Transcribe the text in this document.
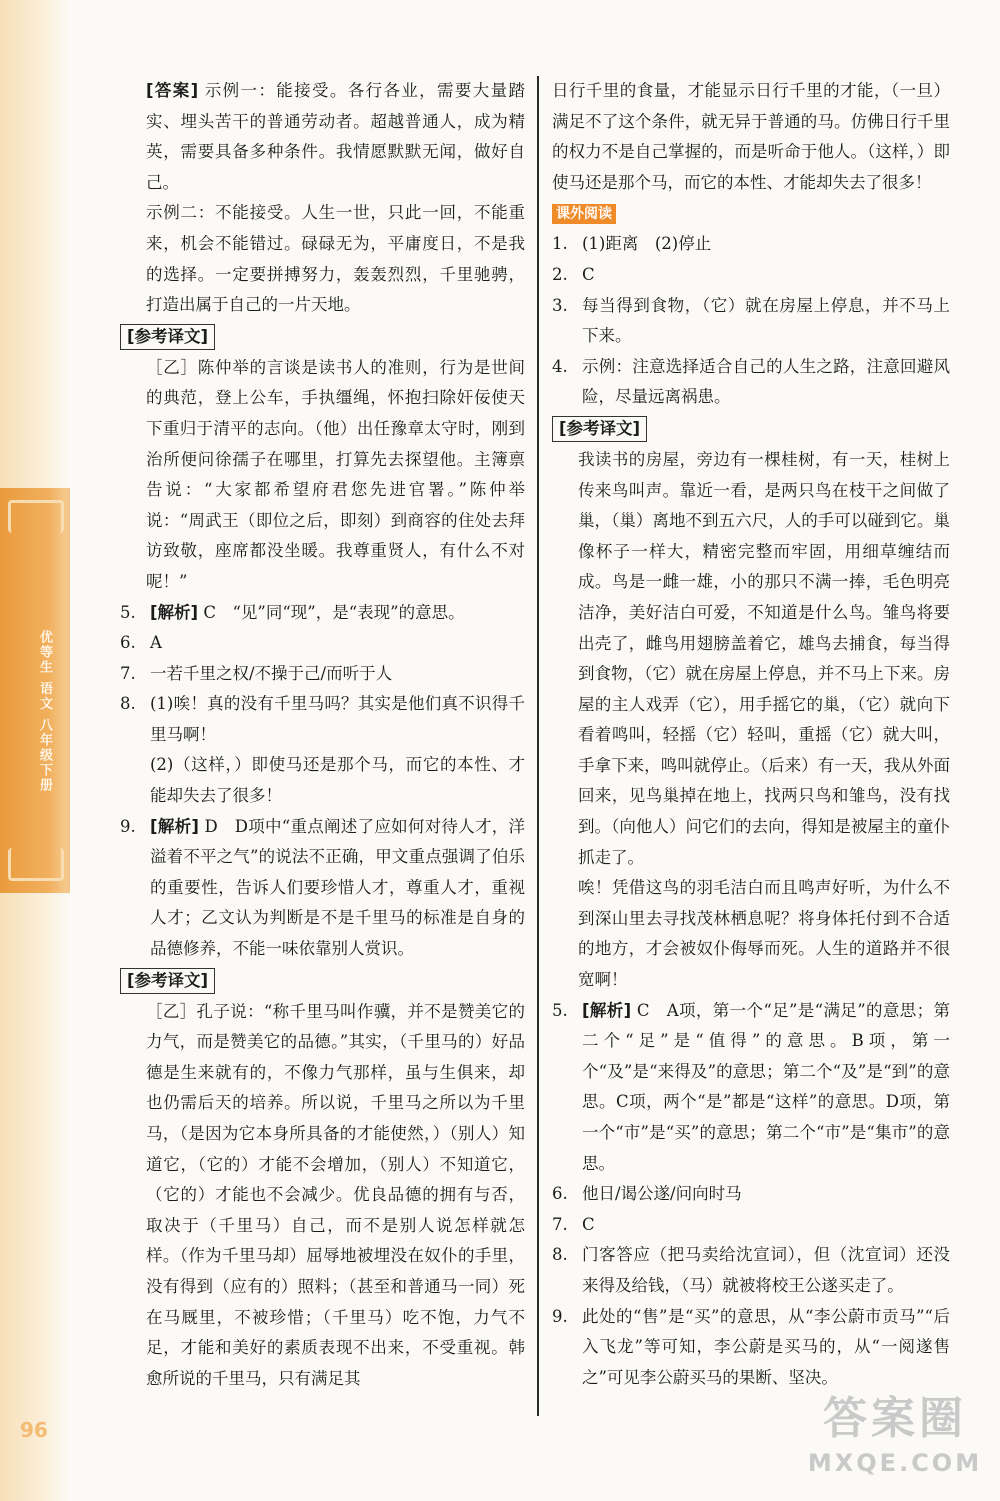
优等生 语文 八年级下册
96

[答案] 示例一：能接受。各行各业，需要大量踏实、埋头苦干的普通劳动者。超越普通人，成为精英，需要具备多种条件。我情愿默默无闻，做好自己。

示例二：不能接受。人生一世，只此一回，不能重来，机会不能错过。碌碌无为，平庸度日，不是我的选择。一定要拼搏努力，轰轰烈烈，千里驰骋，打造出属于自己的一片天地。

[参考译文]

［乙］陈仲举的言谈是读书人的准则，行为是世间的典范，登上公车，手执缰绳，怀抱扫除奸佞使天下重归于清平的志向。（他）出任豫章太守时，刚到治所便问徐孺子在哪里，打算先去探望他。主簿禀告说：“大家都希望府君您先进官署。”陈仲举说：“周武王（即位之后，即刻）到商容的住处去拜访致敬，座席都没坐暖。我尊重贤人，有什么不对呢！”

5. [解析] C　“见”同“现”，是“表现”的意思。
6. A
7. 一若千里之权/不操于己/而听于人
8. (1)唉！真的没有千里马吗？其实是他们真不识得千里马啊！
(2)（这样，）即使马还是那个马，而它的本性、才能却失去了很多！
9. [解析] D　D项中“重点阐述了应如何对待人才，洋溢着不平之气”的说法不正确，甲文重点强调了伯乐的重要性，告诉人们要珍惜人才，尊重人才，重视人才；乙文认为判断是不是千里马的标准是自身的品德修养，不能一味依靠别人赏识。
[参考译文]

［乙］孔子说：“称千里马叫作骥，并不是赞美它的力气，而是赞美它的品德。”其实，（千里马的）好品德是生来就有的，不像力气那样，虽与生俱来，却也仍需后天的培养。所以说，千里马之所以为千里马，（是因为它本身所具备的才能使然，）（别人）知道它，（它的）才能不会增加，（别人）不知道它，（它的）才能也不会减少。优良品德的拥有与否，取决于（千里马）自己，而不是别人说怎样就怎样。（作为千里马却）屈辱地被埋没在奴仆的手里，没有得到（应有的）照料；（甚至和普通马一同）死在马厩里，不被珍惜；（千里马）吃不饱，力气不足，才能和美好的素质表现不出来，不受重视。韩愈所说的千里马，只有满足其

日行千里的食量，才能显示日行千里的才能，（一旦）满足不了这个条件，就无异于普通的马。仿佛日行千里的权力不是自己掌握的，而是听命于他人。（这样，）即使马还是那个马，而它的本性、才能却失去了很多！

课外阅读
1. (1)距离　(2)停止
2. C
3. 每当得到食物，（它）就在房屋上停息，并不马上下来。
4. 示例：注意选择适合自己的人生之路，注意回避风险，尽量远离祸患。
[参考译文]

我读书的房屋，旁边有一棵桂树，有一天，桂树上传来鸟叫声。靠近一看，是两只鸟在枝干之间做了巢，（巢）离地不到五六尺，人的手可以碰到它。巢像杯子一样大，精密完整而牢固，用细草缠结而成。鸟是一雌一雄，小的那只不满一捧，毛色明亮洁净，美好洁白可爱，不知道是什么鸟。雏鸟将要出壳了，雌鸟用翅膀盖着它，雄鸟去捕食，每当得到食物，（它）就在房屋上停息，并不马上下来。房屋的主人戏弄（它），用手摇它的巢，（它）就向下看着鸣叫，轻摇（它）轻叫，重摇（它）就大叫，手拿下来，鸣叫就停止。（后来）有一天，我从外面回来，见鸟巢掉在地上，找两只鸟和雏鸟，没有找到。（向他人）问它们的去向，得知是被屋主的童仆抓走了。

唉！凭借这鸟的羽毛洁白而且鸣声好听，为什么不到深山里去寻找茂林栖息呢？将身体托付到不合适的地方，才会被奴仆侮辱而死。人生的道路并不很宽啊！

5. [解析] C　A项，第一个“足”是“满足”的意思；第二个“足”是“值得”的意思。B项，第一个“及”是“来得及”的意思；第二个“及”是“到”的意思。C项，两个“是”都是“这样”的意思。D项，第一个“市”是“买”的意思；第二个“市”是“集市”的意思。
6. 他日/谒公遂/问向时马
7. C
8. 门客答应（把马卖给沈宣词），但（沈宣词）还没来得及给钱，（马）就被将校王公遂买走了。
9. 此处的“售”是“买”的意思，从“李公蔚市贡马”“后入飞龙”等可知，李公蔚是买马的，从“一阅遂售之”可见李公蔚买马的果断、坚决。
答案圈
MXQE.COM
